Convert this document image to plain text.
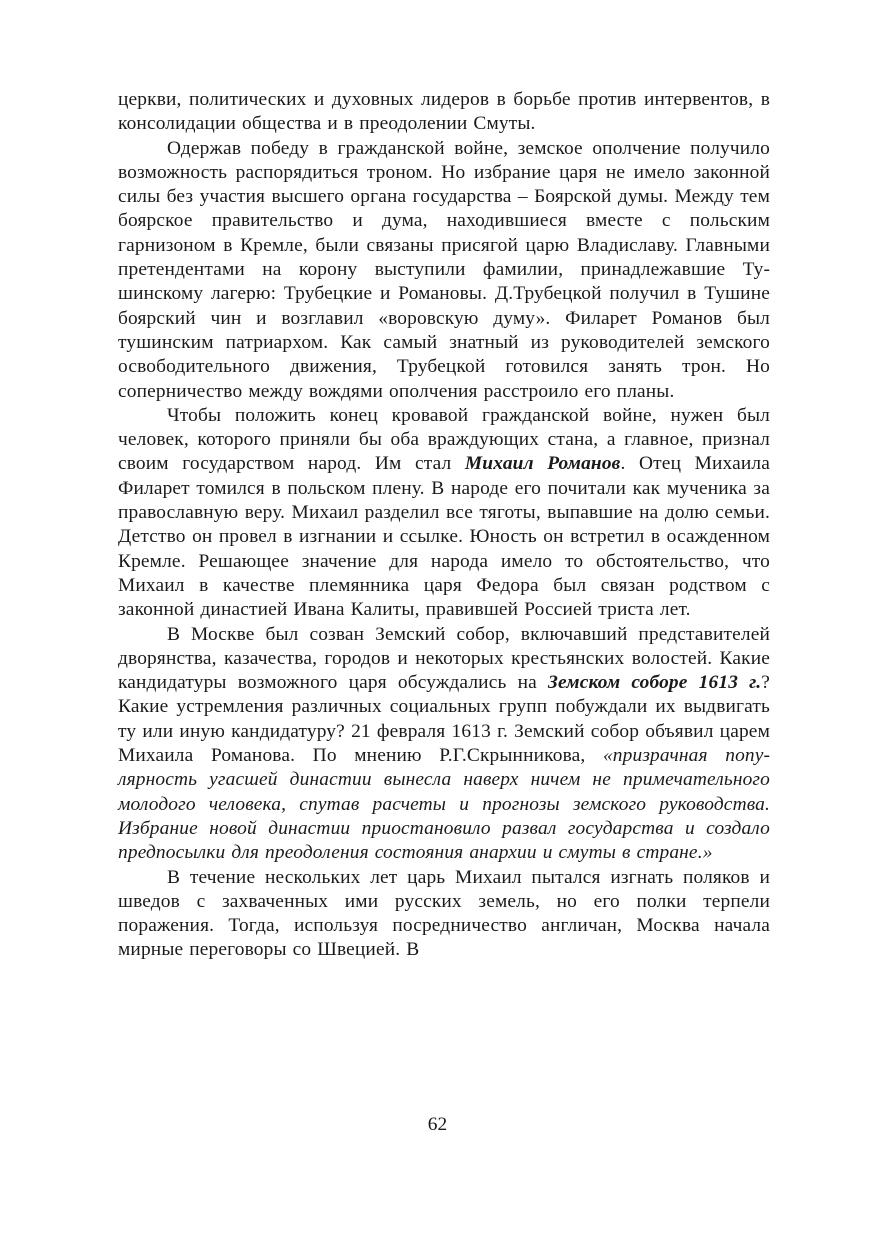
церкви, политических и духовных лидеров в борьбе против интервентов, в консолидации общества и в преодолении Смуты.

Одержав победу в гражданской войне, земское ополчение получило возможность распорядиться троном. Но избрание царя не имело законной силы без участия высшего органа государства – Боярской думы. Между тем боярское правительство и дума, находившиеся вместе с польским гарнизоном в Кремле, были связаны присягой царю Владиславу. Главными претендентами на корону выступили фамилии, принадлежавшие Тушинскому лагерю: Трубецкие и Романовы. Д.Трубецкой получил в Тушине боярский чин и возглавил «воровскую думу». Филарет Романов был тушинским патриархом. Как самый знатный из руководителей земского освободительного движения, Трубецкой готовился занять трон. Но соперничество между вождями ополчения расстроило его планы.

Чтобы положить конец кровавой гражданской войне, нужен был человек, которого приняли бы оба враждующих стана, а главное, признал своим государством народ. Им стал Михаил Романов. Отец Михаила Филарет томился в польском плену. В народе его почитали как мученика за православную веру. Михаил разделил все тяготы, выпавшие на долю семьи. Детство он провел в изгнании и ссылке. Юность он встретил в осажденном Кремле. Решающее значение для народа имело то обстоятельство, что Михаил в качестве племянника царя Федора был связан родством с законной династией Ивана Калиты, правившей Россией триста лет.

В Москве был созван Земский собор, включавший представителей дворянства, казачества, городов и некоторых крестьянских волостей. Какие кандидатуры возможного царя обсуждались на Земском соборе 1613 г.? Какие устремления различных социальных групп побуждали их выдвигать ту или иную кандидатуру? 21 февраля 1613 г. Земский собор объявил царем Михаила Романова. По мнению Р.Г.Скрынникова, «призрачная популярность угасшей династии вынесла наверх ничем не примечательного молодого человека, спутав расчеты и прогнозы земского руководства. Избрание новой династии приостановило развал государства и создало предпосылки для преодоления состояния анархии и смуты в стране.»

В течение нескольких лет царь Михаил пытался изгнать поляков и шведов с захваченных ими русских земель, но его полки терпели поражения. Тогда, используя посредничество англичан, Москва начала мирные переговоры со Швецией. В

62
